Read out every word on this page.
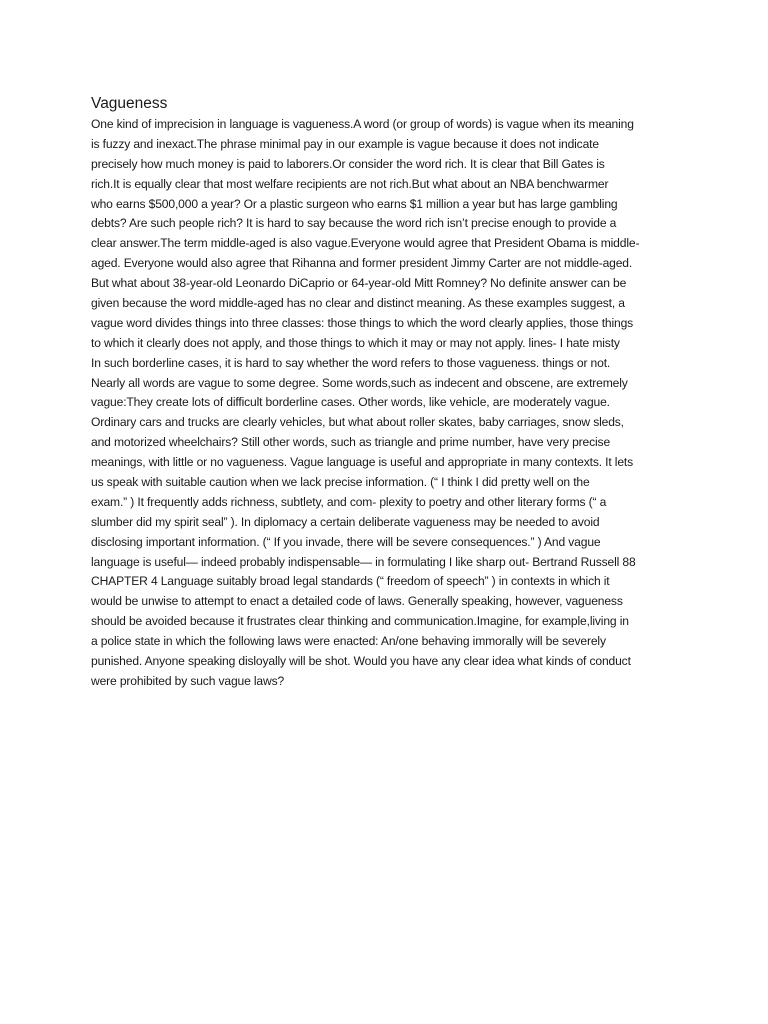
Vagueness
One kind of imprecision in language is vagueness.A word (or group of words) is vague when its meaning
is fuzzy and inexact.The phrase minimal pay in our example is vague because it does not indicate
precisely how much money is paid to laborers.Or consider the word rich. It is clear that Bill Gates is
rich.It is equally clear that most welfare recipients are not rich.But what about an NBA benchwarmer
who earns $500,000 a year? Or a plastic surgeon who earns $1 million a year but has large gambling
debts? Are such people rich? It is hard to say because the word rich isn’t precise enough to provide a
clear answer.The term middle-aged is also vague.Everyone would agree that President Obama is middle-
aged. Everyone would also agree that Rihanna and former president Jimmy Carter are not middle-aged.
But what about 38-year-old Leonardo DiCaprio or 64-year-old Mitt Romney? No definite answer can be
given because the word middle-aged has no clear and distinct meaning. As these examples suggest, a
vague word divides things into three classes: those things to which the word clearly applies, those things
to which it clearly does not apply, and those things to which it may or may not apply. lines- I hate misty
In such borderline cases, it is hard to say whether the word refers to those vagueness. things or not.
Nearly all words are vague to some degree. Some words,such as indecent and obscene, are extremely
vague:They create lots of difficult borderline cases. Other words, like vehicle, are moderately vague.
Ordinary cars and trucks are clearly vehicles, but what about roller skates, baby carriages, snow sleds,
and motorized wheelchairs? Still other words, such as triangle and prime number, have very precise
meanings, with little or no vagueness. Vague language is useful and appropriate in many contexts. It lets
us speak with suitable caution when we lack precise information. (“ I think I did pretty well on the
exam.” ) It frequently adds richness, subtlety, and com- plexity to poetry and other literary forms (“ a
slumber did my spirit seal” ). In diplomacy a certain deliberate vagueness may be needed to avoid
disclosing important information. (“ If you invade, there will be severe consequences.” ) And vague
language is useful— indeed probably indispensable— in formulating I like sharp out- Bertrand Russell 88
CHAPTER 4 Language suitably broad legal standards (“ freedom of speech” ) in contexts in which it
would be unwise to attempt to enact a detailed code of laws. Generally speaking, however, vagueness
should be avoided because it frustrates clear thinking and communication.Imagine, for example,living in
a police state in which the following laws were enacted: An/one behaving immorally will be severely
punished. Anyone speaking disloyally will be shot. Would you have any clear idea what kinds of conduct
were prohibited by such vague laws?
